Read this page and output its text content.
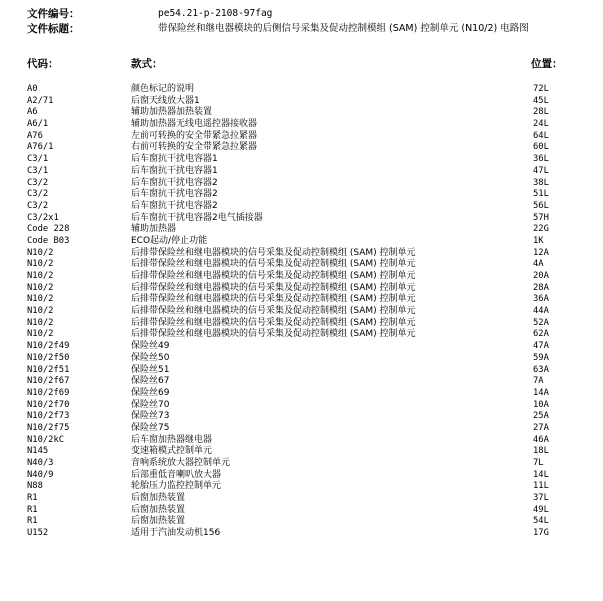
文件编号：	pe54.21-p-2108-97fag
文件标题：	带保险丝和继电器模块的后侧信号采集及促动控制模组 (SAM) 控制单元 (N10/2) 电路图
代码：	款式：	位置：
A0	颜色标记的说明	72L
A2/71	后窗天线放大器1	45L
A6	辅助加热器加热装置	28L
A6/1	辅助加热器无线电遥控器接收器	24L
A76	左前可转换的安全带紧急拉紧器	64L
A76/1	右前可转换的安全带紧急拉紧器	60L
C3/1	后车窗抗干扰电容器1	36L
C3/1	后车窗抗干扰电容器1	47L
C3/2	后车窗抗干扰电容器2	38L
C3/2	后车窗抗干扰电容器2	51L
C3/2	后车窗抗干扰电容器2	56L
C3/2x1	后车窗抗干扰电容器2电气插接器	57H
Code 228	辅助加热器	22G
Code B03	ECO起动/停止功能	1K
N10/2	后排带保险丝和继电器模块的信号采集及促动控制模组 (SAM) 控制单元	12A
N10/2	后排带保险丝和继电器模块的信号采集及促动控制模组 (SAM) 控制单元	4A
N10/2	后排带保险丝和继电器模块的信号采集及促动控制模组 (SAM) 控制单元	20A
N10/2	后排带保险丝和继电器模块的信号采集及促动控制模组 (SAM) 控制单元	28A
N10/2	后排带保险丝和继电器模块的信号采集及促动控制模组 (SAM) 控制单元	36A
N10/2	后排带保险丝和继电器模块的信号采集及促动控制模组 (SAM) 控制单元	44A
N10/2	后排带保险丝和继电器模块的信号采集及促动控制模组 (SAM) 控制单元	52A
N10/2	后排带保险丝和继电器模块的信号采集及促动控制模组 (SAM) 控制单元	62A
N10/2f49	保险丝49	47A
N10/2f50	保险丝50	59A
N10/2f51	保险丝51	63A
N10/2f67	保险丝67	7A
N10/2f69	保险丝69	14A
N10/2f70	保险丝70	10A
N10/2f73	保险丝73	25A
N10/2f75	保险丝75	27A
N10/2kC	后车窗加热器继电器	46A
N145	变速箱模式控制单元	18L
N40/3	音响系统放大器控制单元	7L
N40/9	后部重低音喇叭放大器	14L
N88	轮胎压力监控控制单元	11L
R1	后窗加热装置	37L
R1	后窗加热装置	49L
R1	后窗加热装置	54L
U152	适用于汽油发动机156	17G
